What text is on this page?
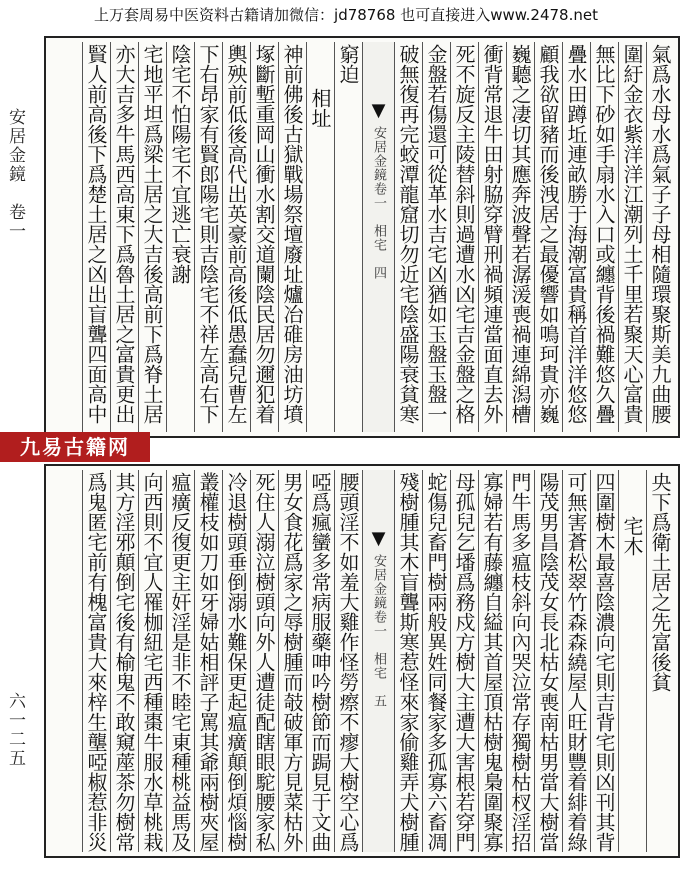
上万套周易中医资料古籍请加微信：jd78768 也可直接进入www.2478.net
安居金鏡　卷一
六一二五
氣爲水母水爲氣子子母相隨環聚斯美九曲腰
圍紆金衣紫洋洋江潮列土千里若聚天心富貴
無比下砂如手扇水入口或纏背後禍難悠久疊
疊水田蹲坵連畝勝于海潮富貴稱首洋洋悠悠
顧我欲留豬而後洩居之最優響如鳴珂貴亦巍
巍聽之凄切其應奔波聲若潺湲喪禍連綿潟槽
衝背常退牛田射脇穿臂刑禍頻連當面直去外
死不旋反主陵替斜則過遭水凶宅吉金盤之格
金盤若傷還可從革水吉宅凶猶如玉盤玉盤一
破無復再完蛟潭龍窟切勿近宅陰盛陽衰貧寒
▼安居金鏡卷一　相宅　四
窮迫
相址
神前佛後古獄戰場祭壇廢址爐冶碓房油坊墳
塚斷塹重岡山衝水割交道闌陰民居勿邇犯着
輿殃前低後高代出英豪前高後低愚蠢兒曹左
下右昂家有賢郎陽宅則吉陰宅不祥左高右下
陰宅不怕陽宅不宜逃亡衰謝
宅地平坦爲梁土居之大吉後高前下爲脊土居
亦大吉多牛馬西高東下爲魯土居之富貴更出
賢人前高後下爲楚土居之凶出盲聾四面高中
九易古籍网
央下爲衛土居之先富後貧
宅木
四圍樹木最喜陰濃向宅則吉背宅則凶刊其背
可無害蒼松翠竹森森繞屋人旺財豐着緋着綠
陽茂男昌陰茂女長北枯女喪南枯男當大樹當
門牛馬多瘟枝斜向內哭泣常存獨樹枯杈淫招
寡婦若有藤纏自縊其首屋頂枯樹鬼梟圍聚寡
母孤兒乞墦爲務戍方樹大主遭大害根若穿門
蛇傷兒畜門樹兩般異姓同餐家多孤寡六畜凋
殘樹腫其木盲聾斯寒惹怪來家偷雞弄犬樹腫
▼安居金鏡卷一　相宅　五
腰頭淫不如羞大雞作怪勞瘵不瘳大樹空心爲
啞爲瘋蠻多常病服藥呻吟樹節而跼見于文曲
男女食花爲家之辱樹腫而攲破軍方見菜枯外
死住人溺泣樹頭向外人遭徒配瞎眼駝腰家私
冷退樹頭垂倒溺水難保更起瘟癀顛倒煩惱樹
叢權枝如刀如牙婦姑相評子罵其爺兩樹夾屋
瘟癀反復更主奸淫是非不睦宅東種桃益馬及
向西則不宜人罹枷紐宅西種棗牛服水草桃栽
其方淫邪顛倒宅後有榆鬼不敢窺蓙茶勿樹常
爲鬼匿宅前有槐富貴大來梓生壟啞椒惹非災
